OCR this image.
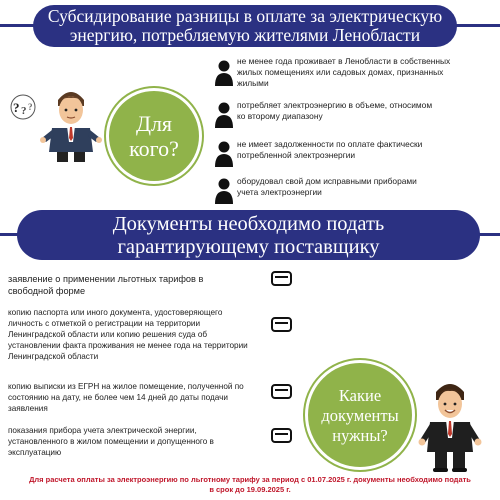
Субсидирование разницы в оплате за электрическую
энергию, потребляемую жителями Ленобласти
? ? ?
Для
кого?
не менее года проживает в Ленобласти в собственных
жилых помещениях или садовых домах, признанных
жилыми
потребляет электроэнергию в объеме, относимом
ко второму диапазону
не имеет задолженности по оплате фактически
потребленной электроэнергии
оборудовал свой дом исправными приборами
учета электроэнергии
Документы необходимо подать
гарантирующему поставщику
заявление о применении льготных тарифов в
свободной форме
копию паспорта или иного документа, удостоверяющего
личность с отметкой о регистрации на территории
Ленинградской области или копию решения суда об
установлении факта проживания не менее года на территории
Ленинградской области
копию выписки из ЕГРН на жилое помещение, полученной по
состоянию на дату, не более чем 14 дней до даты подачи
заявления
показания прибора учета электрической энергии,
установленного в жилом помещении и допущенного в
эксплуатацию
Какие
документы
нужны?
Для расчета оплаты за электроэнергию по льготному тарифу за период с 01.07.2025 г. документы необходимо подать
в срок до 19.09.2025 г.
